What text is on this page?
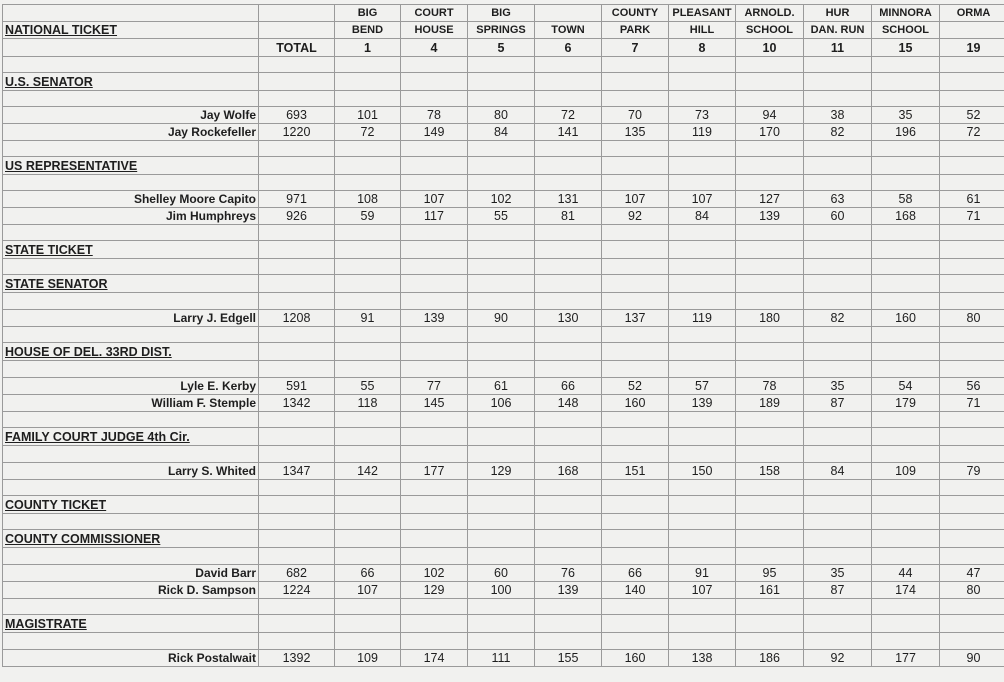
		BIG	COURT	BIG		COUNTY	PLEASANT	ARNOLD.	HUR	MINNORA	ORMA
NATIONAL TICKET		BEND	HOUSE	SPRINGS	TOWN	PARK	HILL	SCHOOL	DAN. RUN	SCHOOL	
	TOTAL	1	4	5	6	7	8	10	11	15	19

U.S. SENATOR											

Jay Wolfe	693	101	78	80	72	70	73	94	38	35	52
Jay Rockefeller	1220	72	149	84	141	135	119	170	82	196	72

US REPRESENTATIVE											

Shelley Moore Capito	971	108	107	102	131	107	107	127	63	58	61
Jim Humphreys	926	59	117	55	81	92	84	139	60	168	71

STATE TICKET											

STATE SENATOR											

Larry J. Edgell	1208	91	139	90	130	137	119	180	82	160	80

HOUSE OF DEL. 33RD DIST.											

Lyle E. Kerby	591	55	77	61	66	52	57	78	35	54	56
William F. Stemple	1342	118	145	106	148	160	139	189	87	179	71

FAMILY COURT JUDGE 4th Cir.											

Larry S. Whited	1347	142	177	129	168	151	150	158	84	109	79

COUNTY TICKET											

COUNTY COMMISSIONER											

David Barr	682	66	102	60	76	66	91	95	35	44	47
Rick D. Sampson	1224	107	129	100	139	140	107	161	87	174	80

MAGISTRATE											

Rick Postalwait	1392	109	174	111	155	160	138	186	92	177	90
